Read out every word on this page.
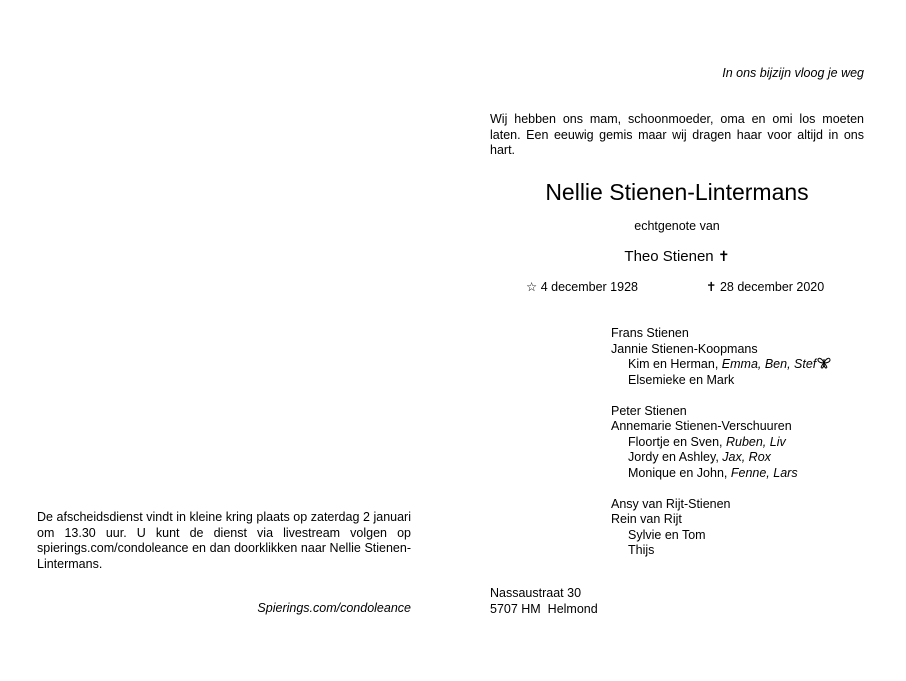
In ons bijzijn vloog je weg
Wij hebben ons mam, schoonmoeder, oma en omi los moeten laten. Een eeuwig gemis maar wij dragen haar voor altijd in ons hart.
Nellie Stienen-Lintermans
echtgenote van
Theo Stienen ✝
☆ 4 december 1928	✝ 28 december 2020
Frans Stienen
Jannie Stienen-Koopmans
Kim en Herman, Emma, Ben, Stef
Elsemieke en Mark
Peter Stienen
Annemarie Stienen-Verschuuren
Floortje en Sven, Ruben, Liv
Jordy en Ashley, Jax, Rox
Monique en John, Fenne, Lars
Ansy van Rijt-Stienen
Rein van Rijt
Sylvie en Tom
Thijs
Nassaustraat 30
5707 HM  Helmond
De afscheidsdienst vindt in kleine kring plaats op zaterdag 2 januari om 13.30 uur. U kunt de dienst via livestream volgen op spierings.com/condoleance en dan doorklikken naar Nellie Stienen-Lintermans.
Spierings.com/condoleance
